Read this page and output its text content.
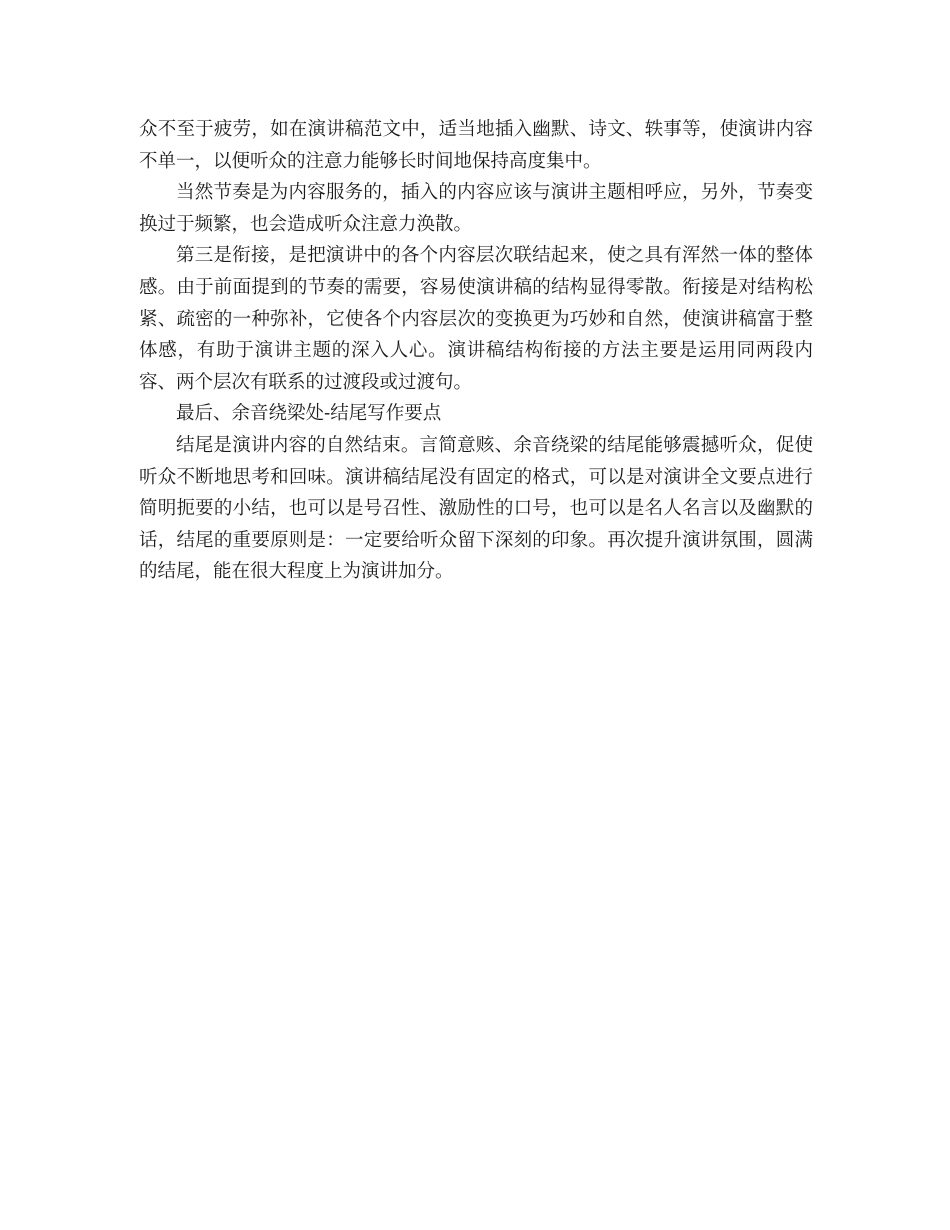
众不至于疲劳，如在演讲稿范文中，适当地插入幽默、诗文、轶事等，使演讲内容不单一，以便听众的注意力能够长时间地保持高度集中。

当然节奏是为内容服务的，插入的内容应该与演讲主题相呼应，另外，节奏变换过于频繁，也会造成听众注意力涣散。

第三是衔接，是把演讲中的各个内容层次联结起来，使之具有浑然一体的整体感。由于前面提到的节奏的需要，容易使演讲稿的结构显得零散。衔接是对结构松紧、疏密的一种弥补，它使各个内容层次的变换更为巧妙和自然，使演讲稿富于整体感，有助于演讲主题的深入人心。演讲稿结构衔接的方法主要是运用同两段内容、两个层次有联系的过渡段或过渡句。

最后、余音绕梁处-结尾写作要点

结尾是演讲内容的自然结束。言简意赅、余音绕梁的结尾能够震撼听众，促使听众不断地思考和回味。演讲稿结尾没有固定的格式，可以是对演讲全文要点进行简明扼要的小结，也可以是号召性、激励性的口号，也可以是名人名言以及幽默的话，结尾的重要原则是：一定要给听众留下深刻的印象。再次提升演讲氛围，圆满的结尾，能在很大程度上为演讲加分。
